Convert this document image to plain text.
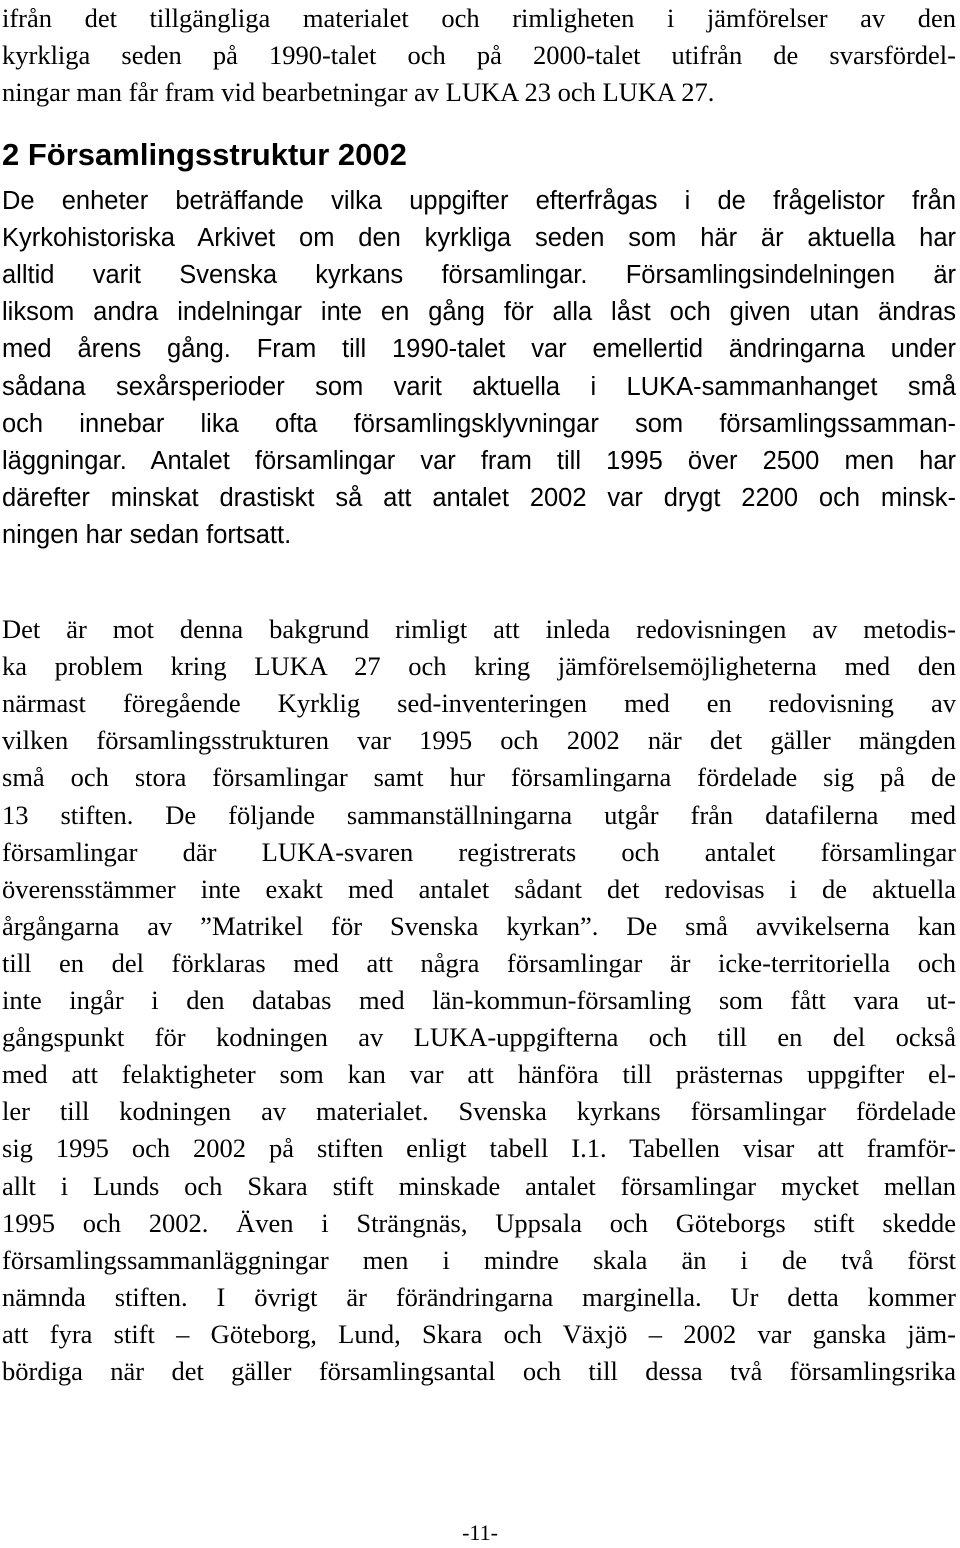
ifrån det tillgängliga materialet och rimligheten i jämförelser av den
kyrkliga seden på 1990-talet och på 2000-talet utifrån de svarsfördel-
ningar man får fram vid bearbetningar av LUKA 23 och LUKA 27.
2 Församlingsstruktur 2002
De enheter beträffande vilka uppgifter efterfrågas i de frågelistor från
Kyrkohistoriska Arkivet om den kyrkliga seden som här är aktuella har
alltid varit Svenska kyrkans församlingar. Församlingsindelningen är
liksom andra indelningar inte en gång för alla låst och given utan ändras
med årens gång. Fram till 1990-talet var emellertid ändringarna under
sådana sexårsperioder som varit aktuella i LUKA-sammanhanget små
och innebar lika ofta församlingsklyvningar som församlingssamman-
läggningar. Antalet församlingar var fram till 1995 över 2500 men har
därefter minskat drastiskt så att antalet 2002 var drygt 2200 och minsk-
ningen har sedan fortsatt.
Det är mot denna bakgrund rimligt att inleda redovisningen av metodis-
ka problem kring LUKA 27 och kring jämförelsemöjligheterna med den
närmast föregående Kyrklig sed-inventeringen med en redovisning av
vilken församlingsstrukturen var 1995 och 2002 när det gäller mängden
små och stora församlingar samt hur församlingarna fördelade sig på de
13 stiften. De följande sammanställningarna utgår från datafilerna med
församlingar där LUKA-svaren registrerats och antalet församlingar
överensstämmer inte exakt med antalet sådant det redovisas i de aktuella
årgångarna av ”Matrikel för Svenska kyrkan”. De små avvikelserna kan
till en del förklaras med att några församlingar är icke-territoriella och
inte ingår i den databas med län-kommun-församling som fått vara ut-
gångspunkt för kodningen av LUKA-uppgifterna och till en del också
med att felaktigheter som kan var att hänföra till prästernas uppgifter el-
ler till kodningen av materialet. Svenska kyrkans församlingar fördelade
sig 1995 och 2002 på stiften enligt tabell I.1. Tabellen visar att framför-
allt i Lunds och Skara stift minskade antalet församlingar mycket mellan
1995 och 2002. Även i Strängnäs, Uppsala och Göteborgs stift skedde
församlingssammanläggningar men i mindre skala än i de två först
nämnda stiften. I övrigt är förändringarna marginella. Ur detta kommer
att fyra stift – Göteborg, Lund, Skara och Växjö – 2002 var ganska jäm-
bördiga när det gäller församlingsantal och till dessa två församlingsrika
-11-
